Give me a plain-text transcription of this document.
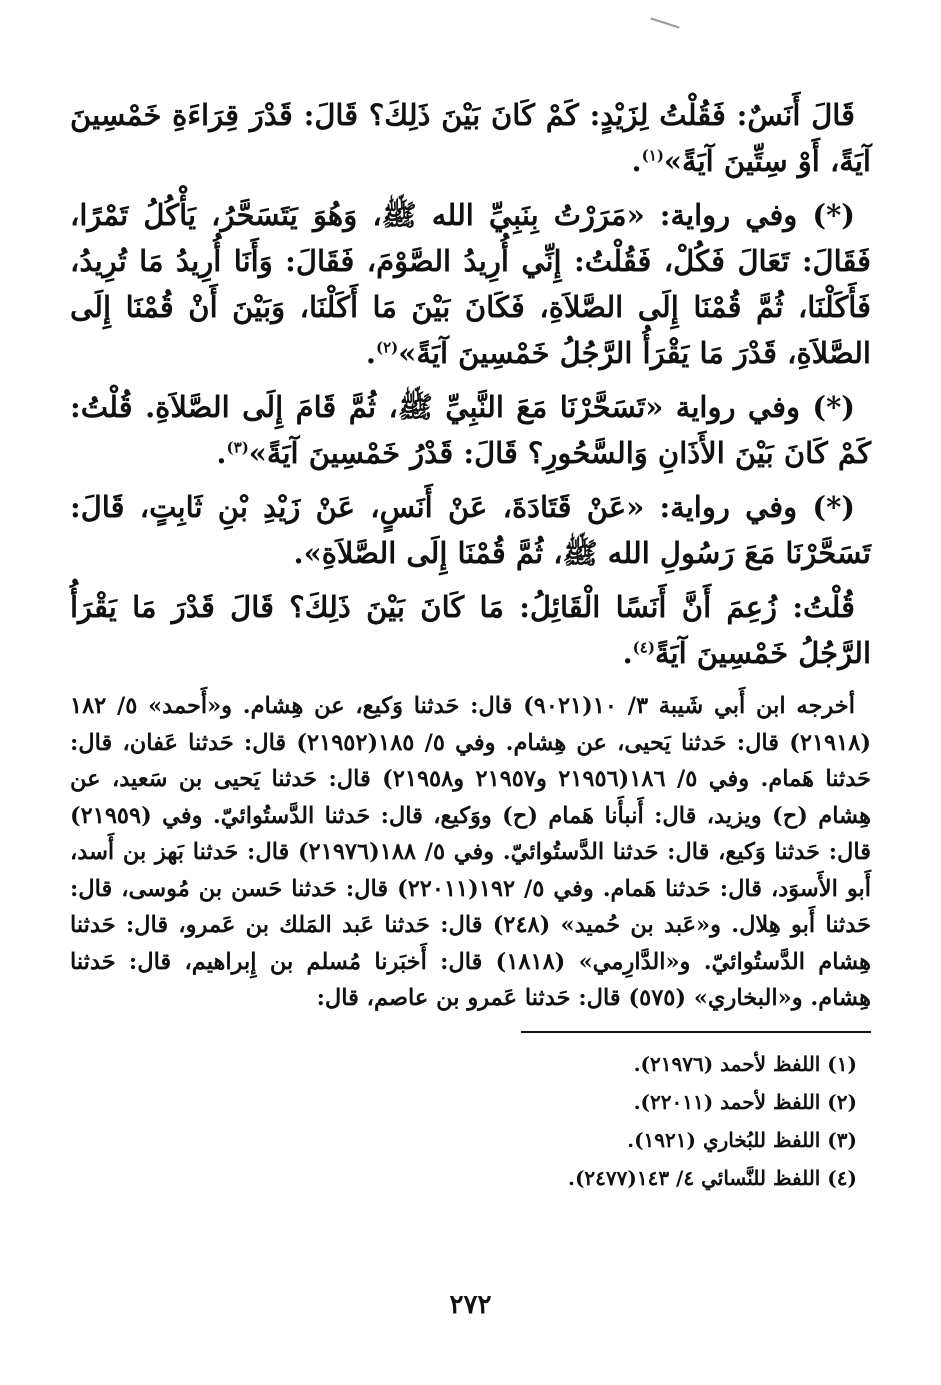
قَالَ أَنَسٌ: فَقُلْتُ لِزَيْدٍ: كَمْ كَانَ بَيْنَ ذَلِكَ؟ قَالَ: قَدْرَ قِرَاءَةِ خَمْسِينَ آيَةً، أَوْ سِتِّينَ آيَةً»$^{(١)}$.

(*) وفي رواية: «مَرَرْتُ بِنَبِيِّ الله ﷺ، وَهُوَ يَتَسَحَّرُ، يَأْكُلُ تَمْرًا، فَقَالَ: تَعَالَ فَكُلْ، فَقُلْتُ: إِنِّي أُرِيدُ الصَّوْمَ، فَقَالَ: وَأَنَا أُرِيدُ مَا تُرِيدُ، فَأَكَلْنَا، ثُمَّ قُمْنَا إِلَى الصَّلاَةِ، فَكَانَ بَيْنَ مَا أَكَلْنَا، وَبَيْنَ أَنْ قُمْنَا إِلَى الصَّلاَةِ، قَدْرَ مَا يَقْرَأُ الرَّجُلُ خَمْسِينَ آيَةً»$^{(٢)}$.

(*) وفي رواية «تَسَحَّرْنَا مَعَ النَّبِيِّ ﷺ، ثُمَّ قَامَ إِلَى الصَّلاَةِ. قُلْتُ: كَمْ كَانَ بَيْنَ الأَذَانِ وَالسَّحُورِ؟ قَالَ: قَدْرُ خَمْسِينَ آيَةً»$^{(٣)}$.

(*) وفي رواية: «عَنْ قَتَادَةَ، عَنْ أَنَسٍ، عَنْ زَيْدِ بْنِ ثَابِتٍ، قَالَ: تَسَحَّرْنَا مَعَ رَسُولِ الله ﷺ، ثُمَّ قُمْنَا إِلَى الصَّلاَةِ».

قُلْتُ: زُعِمَ أَنَّ أَنَسًا الْقَائِلُ: مَا كَانَ بَيْنَ ذَلِكَ؟ قَالَ قَدْرَ مَا يَقْرَأُ الرَّجُلُ خَمْسِينَ آيَةً$^{(٤)}$.

أخرجه ابن أَبي شَيبة ٣/ ١٠(٩٠٢١) قال: حَدثنا وَكيع، عن هِشام. و«أَحمد» ٥/ ١٨٢ (٢١٩١٨) قال: حَدثنا يَحيى، عن هِشام. وفي ٥/ ١٨٥(٢١٩٥٢) قال: حَدثنا عَفان، قال: حَدثنا هَمام. وفي ٥/ ١٨٦(٢١٩٥٦ و٢١٩٥٧ و٢١٩٥٨) قال: حَدثنا يَحيى بن سَعيد، عن هِشام (ح) ويزيد، قال: أَنبأَنا هَمام (ح) ووَكيع، قال: حَدثنا الدَّستُوائيّ. وفي (٢١٩٥٩) قال: حَدثنا وَكيع، قال: حَدثنا الدَّستُوائيّ. وفي ٥/ ١٨٨(٢١٩٧٦) قال: حَدثنا بَهز بن أَسد، أَبو الأَسوَد، قال: حَدثنا هَمام. وفي ٥/ ١٩٢(٢٢٠١١) قال: حَدثنا حَسن بن مُوسى، قال: حَدثنا أَبو هِلال. و«عَبد بن حُميد» (٢٤٨) قال: حَدثنا عَبد المَلك بن عَمرو، قال: حَدثنا هِشام الدَّستُوائيّ. و«الدَّارِمي» (١٨١٨) قال: أَخبَرنا مُسلم بن إِبراهيم، قال: حَدثنا هِشام. و«البخاري» (٥٧٥) قال: حَدثنا عَمرو بن عاصم، قال:

(١) اللفظ لأحمد (٢١٩٧٦).
(٢) اللفظ لأحمد (٢٢٠١١).
(٣) اللفظ للبُخاري (١٩٢١).
(٤) اللفظ للنَّسائي ٤/ ١٤٣(٢٤٧٧).
٢٧٢
